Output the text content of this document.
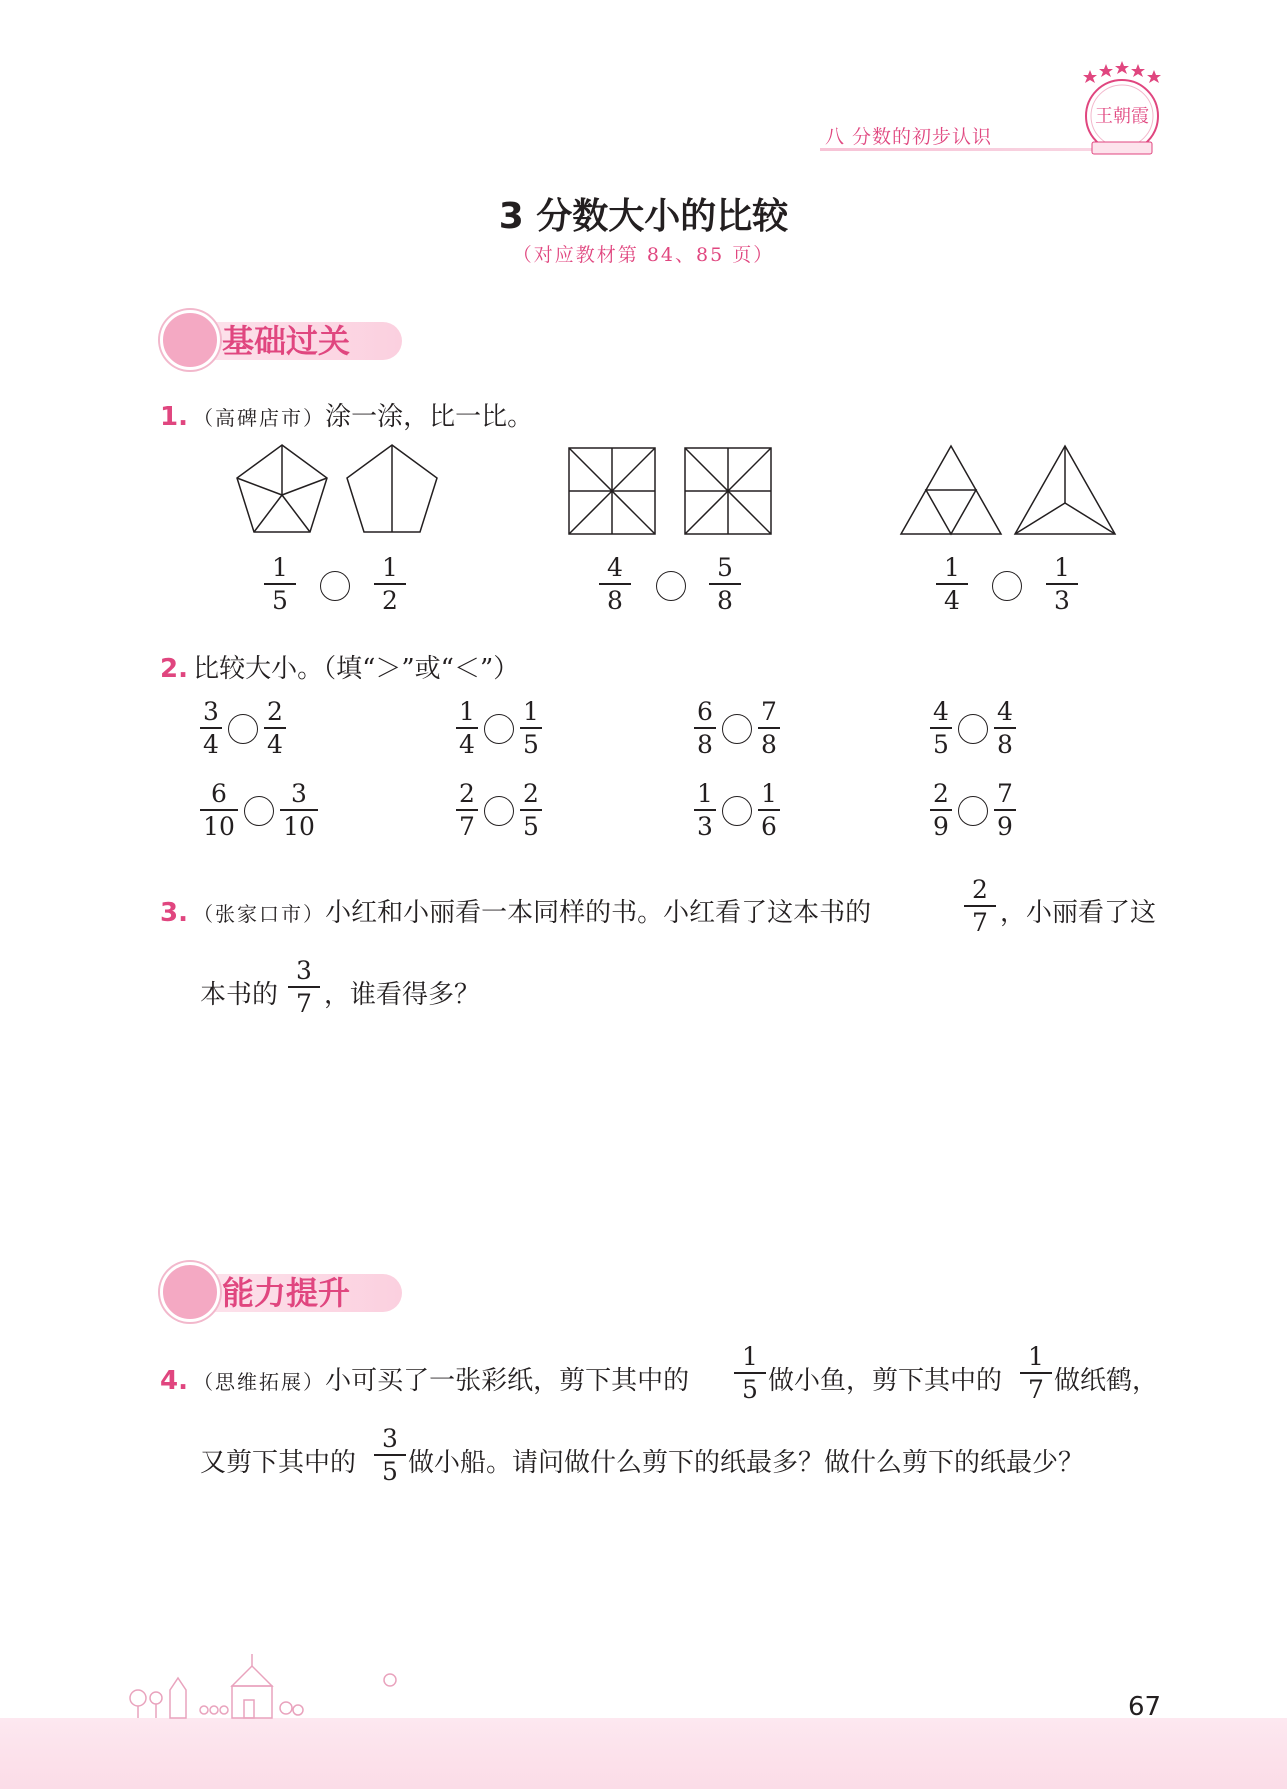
八 分数的初步认识
王朝霞
3 分数大小的比较
（对应教材第 84、85 页）
基础过关
1. （高碑店市）涂一涂，比一比。
1
5
1
2
4
8
5
8
1
4
1
3
2. 比较大小。（填“＞”或“＜”）
3
4
2
4
1
4
1
5
6
8
7
8
4
5
4
8
6
10
3
10
2
7
2
5
1
3
1
6
2
9
7
9
3. （张家口市）小红和小丽看一本同样的书。小红看了这本书的
2
7 ，小丽看了这
本书的
3
7 ，谁看得多？
能力提升
4. （思维拓展）小可买了一张彩纸，剪下其中的
1
5 做小鱼，剪下其中的
1
7 做纸鹤，
又剪下其中的
3
5 做小船。请问做什么剪下的纸最多？做什么剪下的纸最少？
67
